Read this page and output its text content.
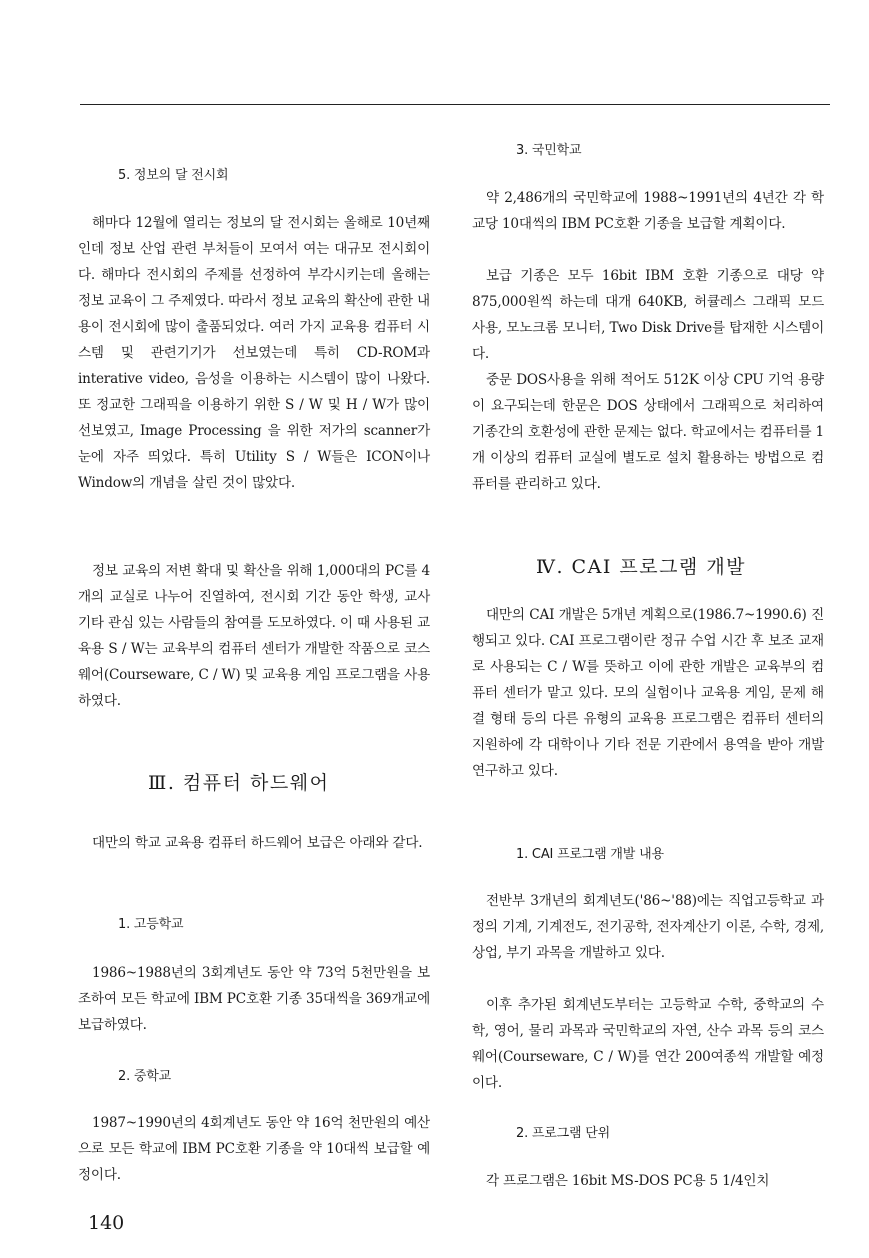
5. 정보의 달 전시회

해마다 12월에 열리는 정보의 달 전시회는 올해로 10년째인데 정보 산업 관련 부처들이 모여서 여는 대규모 전시회이다. 해마다 전시회의 주제를 선정하여 부각시키는데 올해는 정보 교육이 그 주제였다. 따라서 정보 교육의 확산에 관한 내용이 전시회에 많이 출품되었다. 여러 가지 교육용 컴퓨터 시스템 및 관련기기가 선보였는데 특히 CD-ROM과 interative video, 음성을 이용하는 시스템이 많이 나왔다. 또 정교한 그래픽을 이용하기 위한 S / W 및 H / W가 많이 선보였고, Image Processing 을 위한 저가의 scanner가 눈에 자주 띄었다. 특히 Utility S / W들은 ICON이나 Window의 개념을 살린 것이 많았다.

정보 교육의 저변 확대 및 확산을 위해 1,000대의 PC를 4개의 교실로 나누어 진열하여, 전시회 기간 동안 학생, 교사 기타 관심 있는 사람들의 참여를 도모하였다. 이 때 사용된 교육용 S / W는 교육부의 컴퓨터 센터가 개발한 작품으로 코스웨어(Courseware, C / W) 및 교육용 게임 프로그램을 사용하였다.

Ⅲ. 컴퓨터 하드웨어

대만의 학교 교육용 컴퓨터 하드웨어 보급은 아래와 같다.

1. 고등학교

1986~1988년의 3회계년도 동안 약 73억 5천만원을 보조하여 모든 학교에 IBM PC호환 기종 35대씩을 369개교에 보급하였다.

2. 중학교

1987~1990년의 4회계년도 동안 약 16억 천만원의 예산으로 모든 학교에 IBM PC호환 기종을 약 10대씩 보급할 예정이다.

3. 국민학교

약 2,486개의 국민학교에 1988~1991년의 4년간 각 학교당 10대씩의 IBM PC호환 기종을 보급할 계획이다.

보급 기종은 모두 16bit IBM 호환 기종으로 대당 약 875,000원씩 하는데 대개 640KB, 허큘레스 그래픽 모드 사용, 모노크롬 모니터, Two Disk Drive를 탑재한 시스템이다.

중문 DOS사용을 위해 적어도 512K 이상 CPU 기억 용량이 요구되는데 한문은 DOS 상태에서 그래픽으로 처리하여 기종간의 호환성에 관한 문제는 없다. 학교에서는 컴퓨터를 1개 이상의 컴퓨터 교실에 별도로 설치 활용하는 방법으로 컴퓨터를 관리하고 있다.

Ⅳ. CAI 프로그램 개발

대만의 CAI 개발은 5개년 계획으로(1986.7~1990.6) 진행되고 있다. CAI 프로그램이란 정규 수업 시간 후 보조 교재로 사용되는 C / W를 뜻하고 이에 관한 개발은 교육부의 컴퓨터 센터가 맡고 있다. 모의 실험이나 교육용 게임, 문제 해결 형태 등의 다른 유형의 교육용 프로그램은 컴퓨터 센터의 지원하에 각 대학이나 기타 전문 기관에서 용역을 받아 개발 연구하고 있다.

1. CAI 프로그램 개발 내용

전반부 3개년의 회계년도('86~'88)에는 직업고등학교 과정의 기계, 기계전도, 전기공학, 전자계산기 이론, 수학, 경제, 상업, 부기 과목을 개발하고 있다.

이후 추가된 회계년도부터는 고등학교 수학, 중학교의 수학, 영어, 물리 과목과 국민학교의 자연, 산수 과목 등의 코스웨어(Courseware, C / W)를 연간 200여종씩 개발할 예정이다.

2. 프로그램 단위

각 프로그램은 16bit MS-DOS PC용 5 1/4인치

140
